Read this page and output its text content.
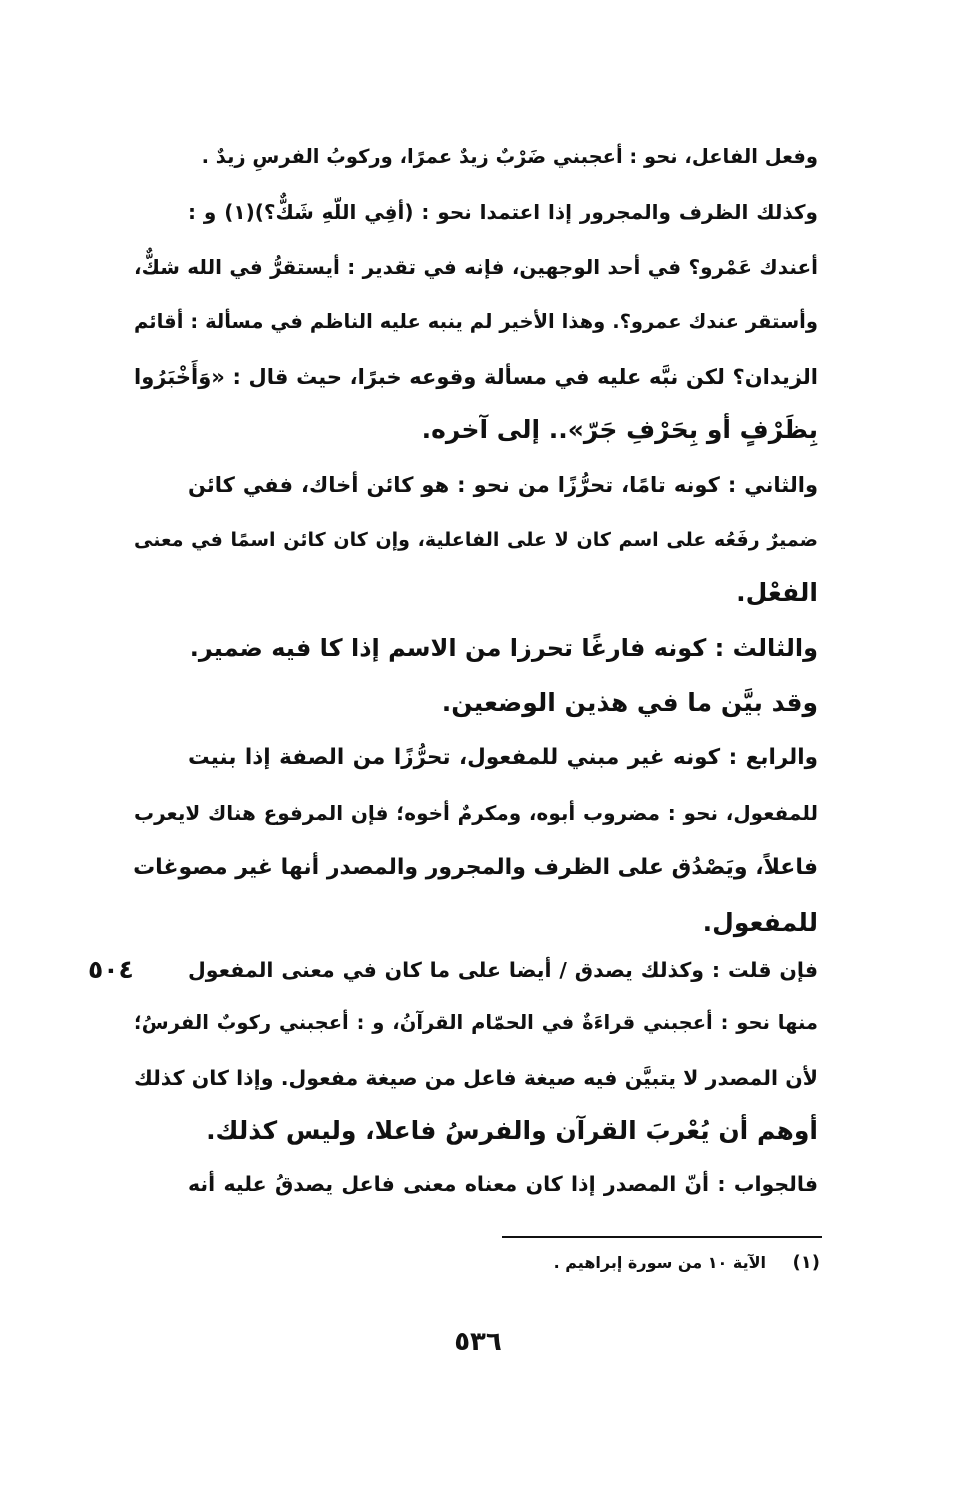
وفعل الفاعل، نحو : أعجبني ضَرْبٌ زيدٌ عمرًا، وركوبُ الفرسِ زيدٌ .
وكذلك الظرف والمجرور إذا اعتمدا نحو : (أفِي اللّهِ شَكٌّ؟)(١) و :
أعندك عَمْرو؟ في أحد الوجهين، فإنه في تقدير : أيستقرُّ في الله شكٌّ،
وأستقر عندك عمرو؟. وهذا الأخير لم ينبه عليه الناظم في مسألة : أقائم
الزيدان؟ لكن نبَّه عليه في مسألة وقوعه خبرًا، حيث قال : «وَأَخْبَرُوا
بِظَرْفٍ أو بِحَرْفِ جَرّ».. إلى آخره.
والثاني : كونه تامًا، تحرُّزًا من نحو : هو كائن أخاك، ففي كائن
ضميرٌ رفَعُه على اسم كان لا على الفاعلية، وإن كان كائن اسمًا في معنى
الفعْل.
والثالث : كونه فارغًا تحرزا من الاسم إذا كا فيه ضمير.
وقد بيَّن ما في هذين الوضعين.
والرابع : كونه غير مبني للمفعول، تحرُّزًا من الصفة إذا بنيت
للمفعول، نحو : مضروب أبوه، ومكرمٌ أخوه؛ فإن المرفوع هناك لايعرب
فاعلاً، ويَصْدُق على الظرف والمجرور والمصدر أنها غير مصوغات
للمفعول.
فإن قلت : وكذلك يصدق / أيضا على ما كان في معنى المفعول
٥٠٤
منها نحو : أعجبني قراءَةٌ في الحمّام القرآنُ، و : أعجبني ركوبٌ الفرسُ؛
لأن المصدر لا يتبيَّن فيه صيغة فاعل من صيغة مفعول. وإذا كان كذلك
أوهم أن يُعْربَ القرآن والفرسُ فاعلا، وليس كذلك.
فالجواب : أنّ المصدر إذا كان معناه معنى فاعل يصدقُ عليه أنه
(١)
الآية ١٠ من سورة إبراهيم .
٥٣٦
